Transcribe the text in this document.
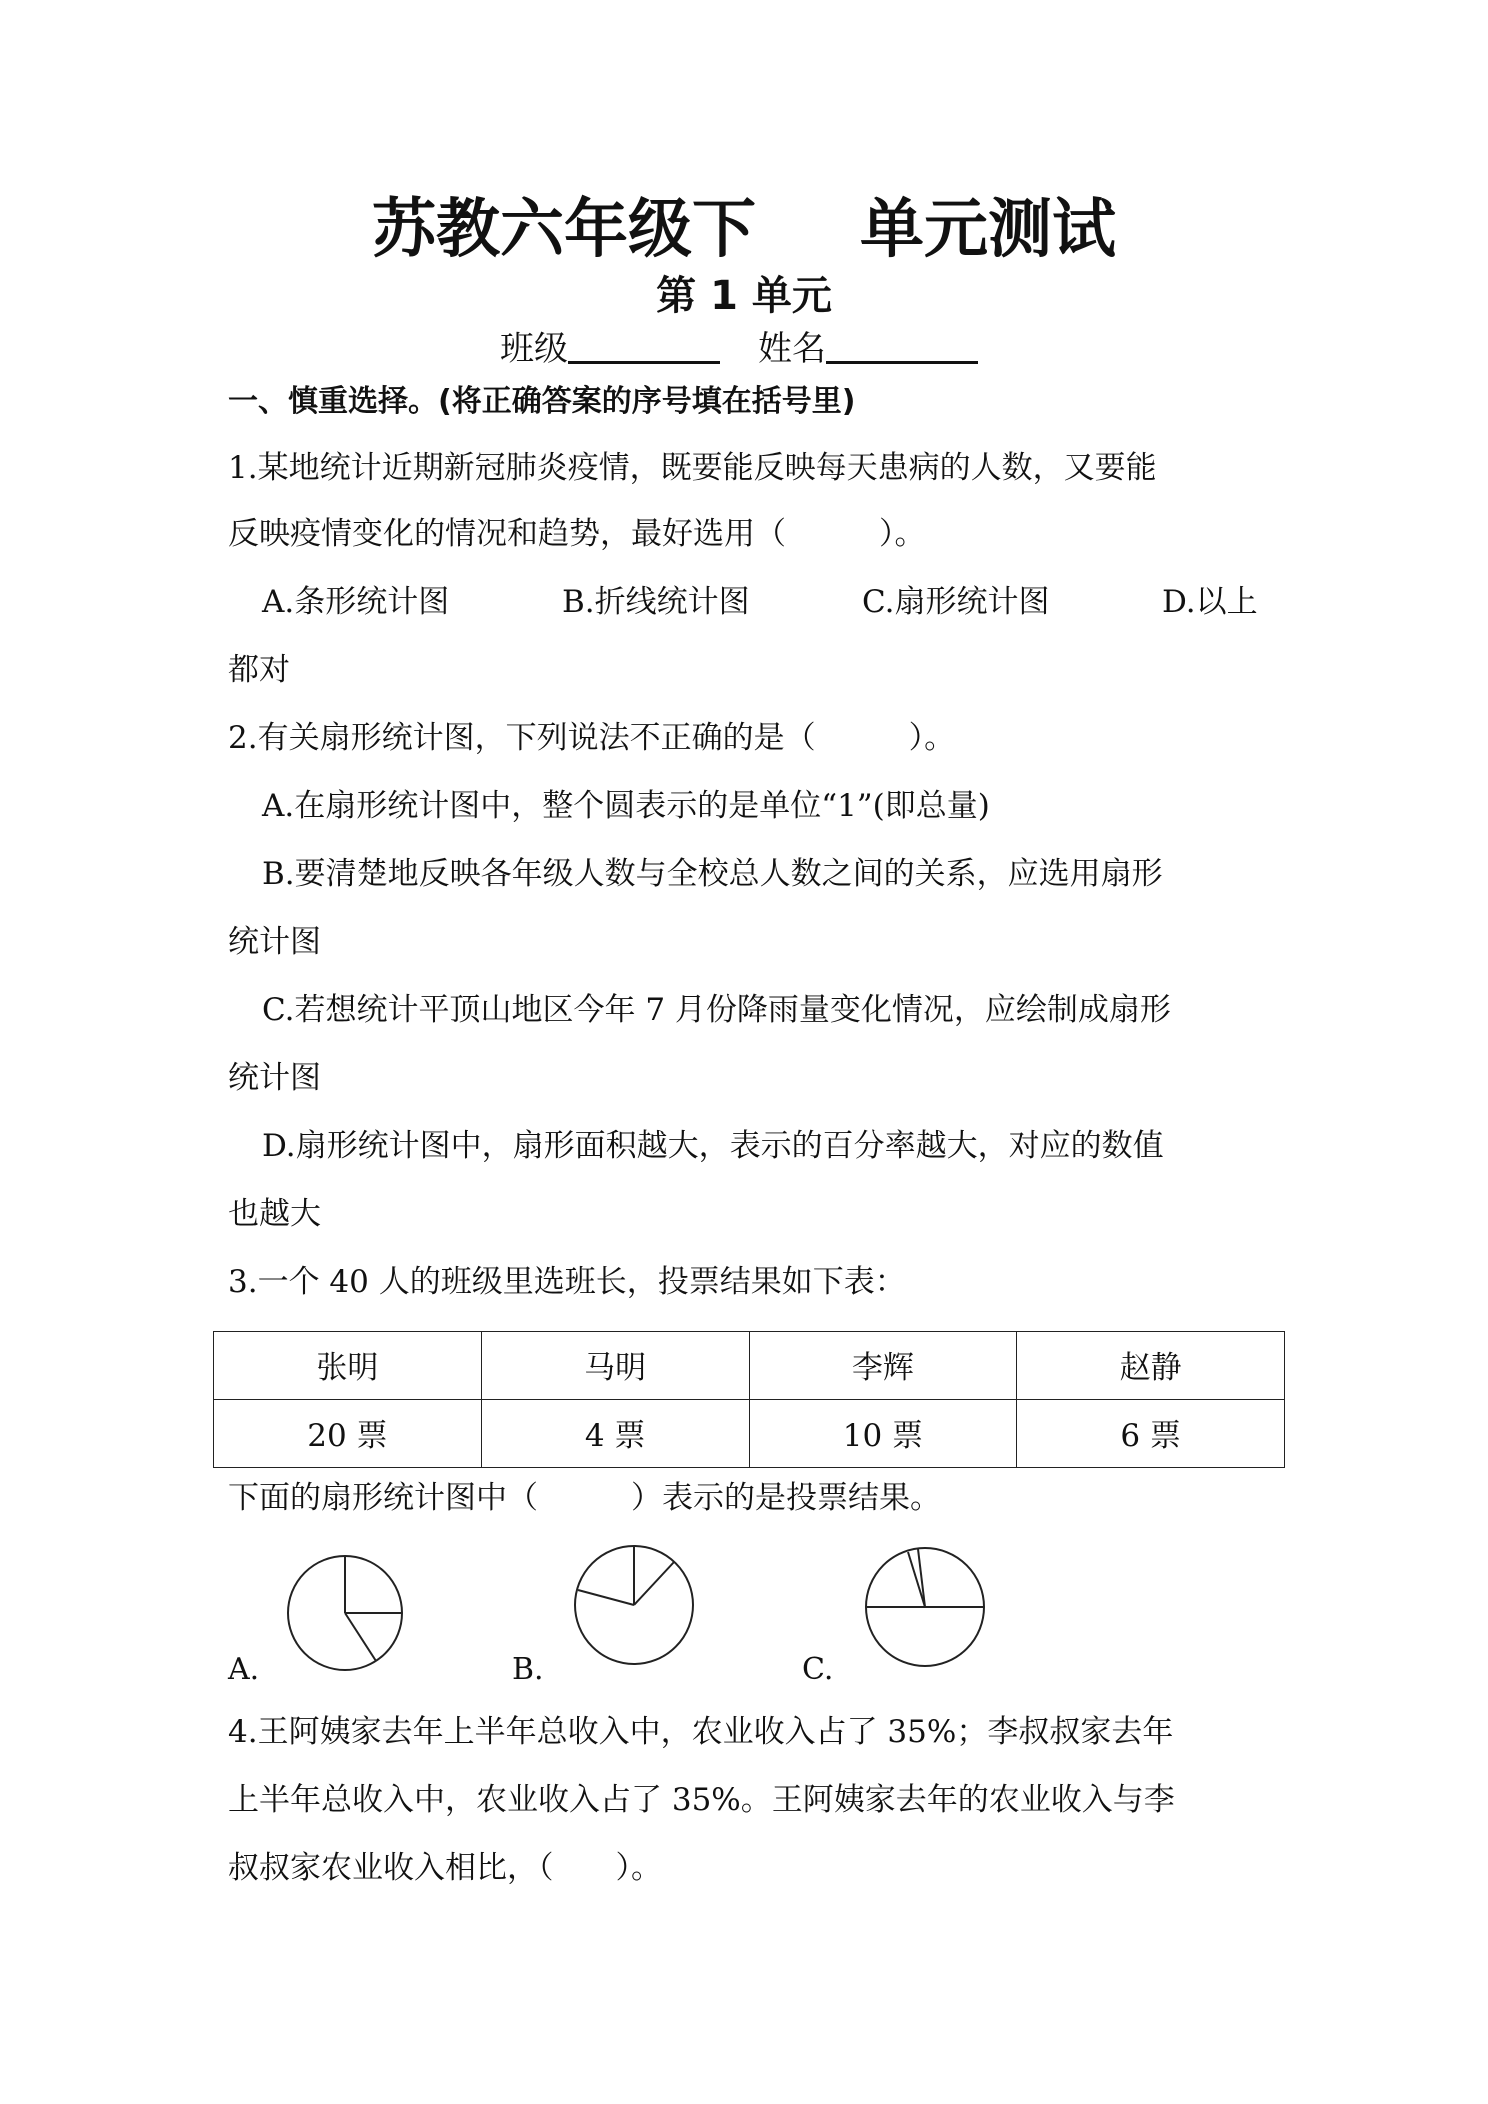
苏教六年级下 单元测试
第 1 单元
班级	姓名
一、慎重选择。(将正确答案的序号填在括号里)
1.某地统计近期新冠肺炎疫情，既要能反映每天患病的人数，又要能
反映疫情变化的情况和趋势，最好选用（　　　）。
A.条形统计图	B.折线统计图	C.扇形统计图	D.以上
都对
2.有关扇形统计图，下列说法不正确的是（　　　）。
A.在扇形统计图中，整个圆表示的是单位“1”(即总量)
B.要清楚地反映各年级人数与全校总人数之间的关系，应选用扇形
统计图
C.若想统计平顶山地区今年 7 月份降雨量变化情况，应绘制成扇形
统计图
D.扇形统计图中，扇形面积越大，表示的百分率越大，对应的数值
也越大
3.一个 40 人的班级里选班长，投票结果如下表：
张明	马明	李辉	赵静
20 票	4 票	10 票	6 票
下面的扇形统计图中（　　　）表示的是投票结果。
A.	B.	C.
4.王阿姨家去年上半年总收入中，农业收入占了 35%；李叔叔家去年
上半年总收入中，农业收入占了 35%。王阿姨家去年的农业收入与李
叔叔家农业收入相比，（　　）。
